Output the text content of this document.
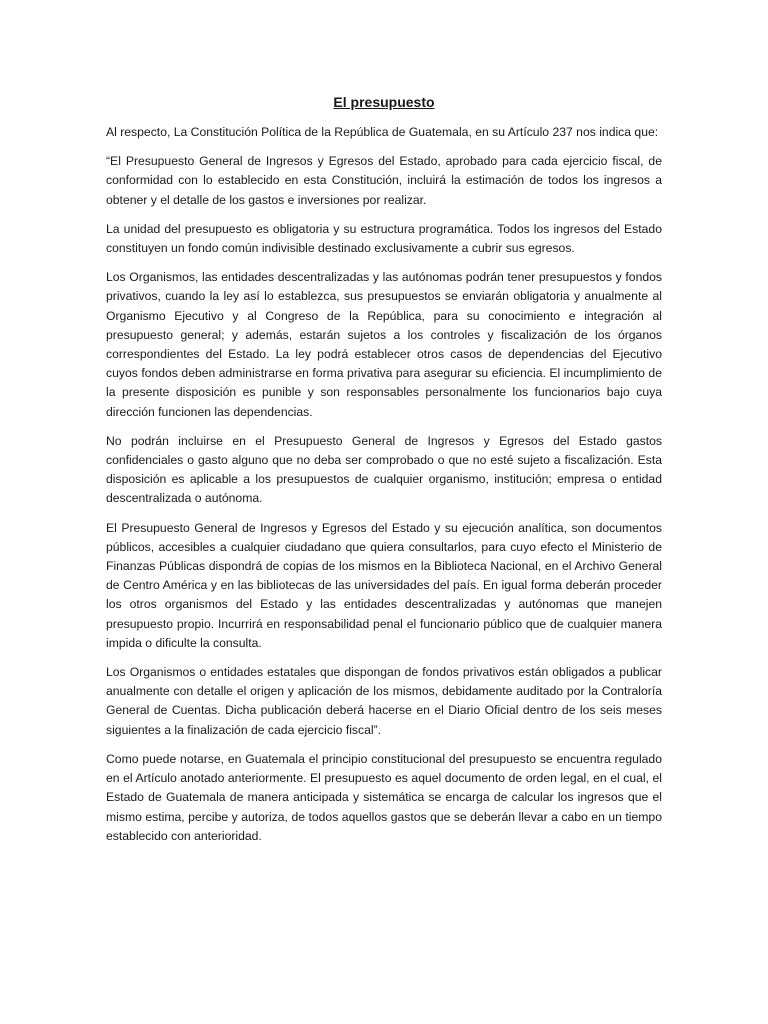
El presupuesto

Al respecto, La Constitución Política de la República de Guatemala, en su Artículo 237 nos indica que:

“El Presupuesto General de Ingresos y Egresos del Estado, aprobado para cada ejercicio fiscal, de conformidad con lo establecido en esta Constitución, incluirá la estimación de todos los ingresos a obtener y el detalle de los gastos e inversiones por realizar.

La unidad del presupuesto es obligatoria y su estructura programática. Todos los ingresos del Estado constituyen un fondo común indivisible destinado exclusivamente a cubrir sus egresos.

Los Organismos, las entidades descentralizadas y las autónomas podrán tener presupuestos y fondos privativos, cuando la ley así lo establezca, sus presupuestos se enviarán obligatoria y anualmente al Organismo Ejecutivo y al Congreso de la República, para su conocimiento e integración al presupuesto general; y además, estarán sujetos a los controles y fiscalización de los órganos correspondientes del Estado. La ley podrá establecer otros casos de dependencias del Ejecutivo cuyos fondos deben administrarse en forma privativa para asegurar su eficiencia. El incumplimiento de la presente disposición es punible y son responsables personalmente los funcionarios bajo cuya dirección funcionen las dependencias.

No podrán incluirse en el Presupuesto General de Ingresos y Egresos del Estado gastos confidenciales o gasto alguno que no deba ser comprobado o que no esté sujeto a fiscalización. Esta disposición es aplicable a los presupuestos de cualquier organismo, institución; empresa o entidad descentralizada o autónoma.

El Presupuesto General de Ingresos y Egresos del Estado y su ejecución analítica, son documentos públicos, accesibles a cualquier ciudadano que quiera consultarlos, para cuyo efecto el Ministerio de Finanzas Públicas dispondrá de copias de los mismos en la Biblioteca Nacional, en el Archivo General de Centro América y en las bibliotecas de las universidades del país. En igual forma deberán proceder los otros organismos del Estado y las entidades descentralizadas y autónomas que manejen presupuesto propio. Incurrirá en responsabilidad penal el funcionario público que de cualquier manera impida o dificulte la consulta.

Los Organismos o entidades estatales que dispongan de fondos privativos están obligados a publicar anualmente con detalle el origen y aplicación de los mismos, debidamente auditado por la Contraloría General de Cuentas. Dicha publicación deberá hacerse en el Diario Oficial dentro de los seis meses siguientes a la finalización de cada ejercicio fiscal”.

Como puede notarse, en Guatemala el principio constitucional del presupuesto se encuentra regulado en el Artículo anotado anteriormente. El presupuesto es aquel documento de orden legal, en el cual, el Estado de Guatemala de manera anticipada y sistemática se encarga de calcular los ingresos que el mismo estima, percibe y autoriza, de todos aquellos gastos que se deberán llevar a cabo en un tiempo establecido con anterioridad.
